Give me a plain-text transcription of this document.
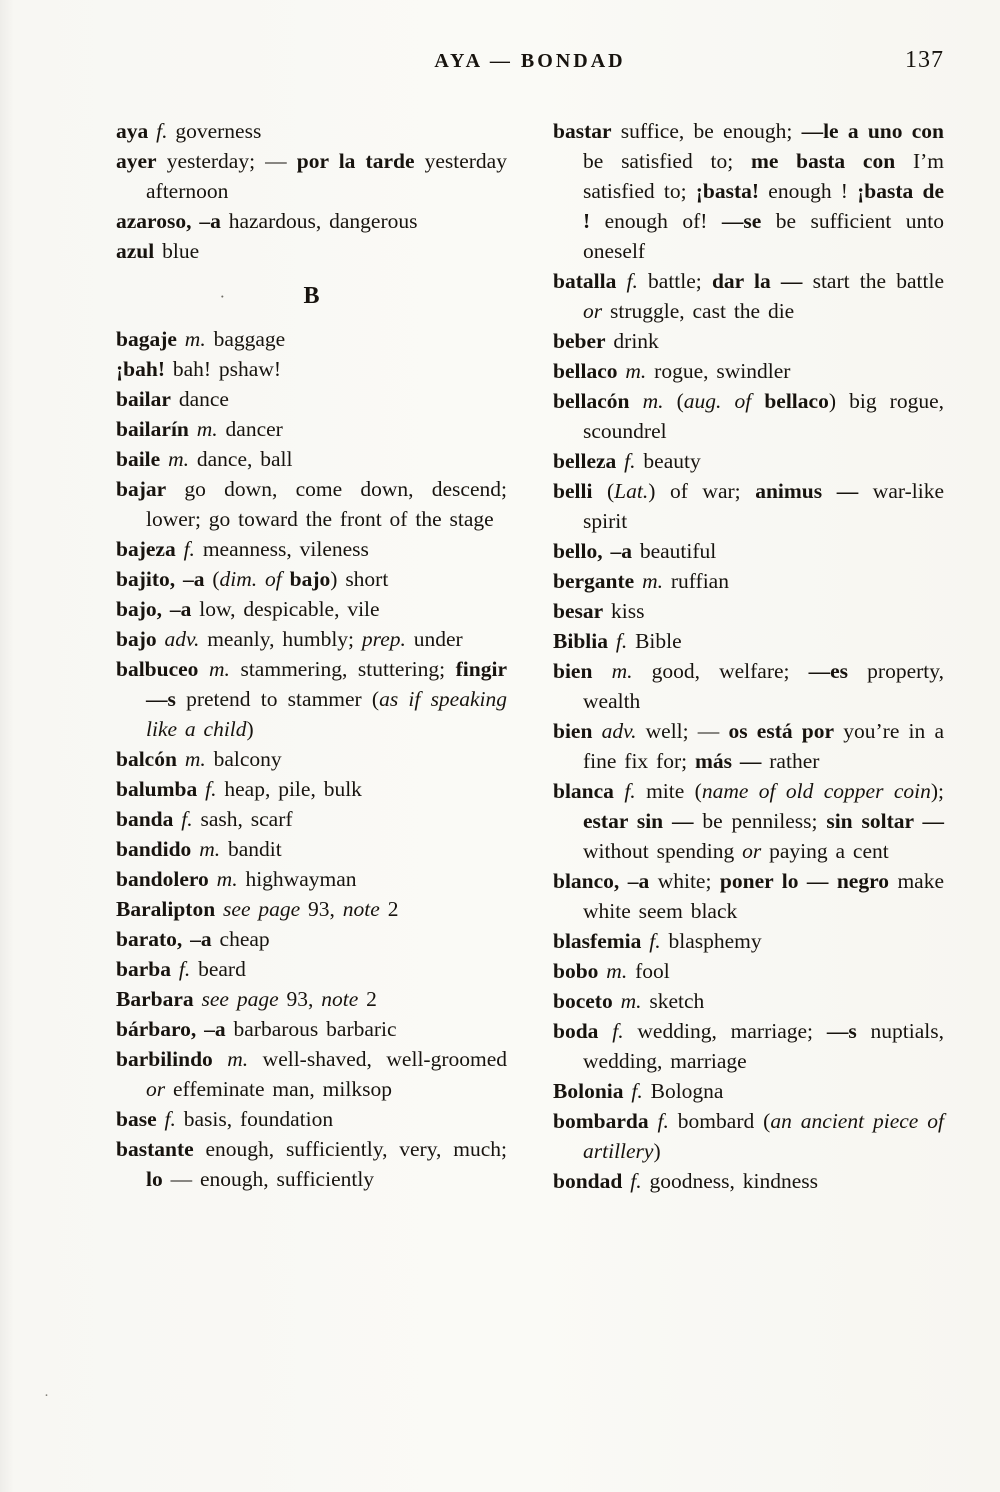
AYA — BONDAD	137

aya f. governess

ayer yesterday; — por la tarde yesterday afternoon

azaroso, –a hazardous, dangerous

azul blue

· B

bagaje m. baggage

¡bah! bah! pshaw!

bailar dance

bailarín m. dancer

baile m. dance, ball

bajar go down, come down, descend; lower; go toward the front of the stage

bajeza f. meanness, vileness

bajito, –a (dim. of bajo) short

bajo, –a low, despicable, vile

bajo adv. meanly, humbly; prep. under

balbuceo m. stammering, stuttering; fingir —s pretend to stammer (as if speaking like a child)

balcón m. balcony

balumba f. heap, pile, bulk

banda f. sash, scarf

bandido m. bandit

bandolero m. highwayman

Baralipton see page 93, note 2

barato, –a cheap

barba f. beard

Barbara see page 93, note 2

bárbaro, –a barbarous barbaric

barbilindo m. well-shaved, well-groomed or effeminate man, milksop

base f. basis, foundation

bastante enough, sufficiently, very, much; lo — enough, sufficiently

bastar suffice, be enough; —le a uno con be satisfied to; me basta con I’m satisfied to; ¡basta! enough ! ¡basta de ! enough of! —se be sufficient unto oneself

batalla f. battle; dar la — start the battle or struggle, cast the die

beber drink

bellaco m. rogue, swindler

bellacón m. (aug. of bellaco) big rogue, scoundrel

belleza f. beauty

belli (Lat.) of war; animus — war-like spirit

bello, –a beautiful

bergante m. ruffian

besar kiss

Biblia f. Bible

bien m. good, welfare; —es property, wealth

bien adv. well; — os está por you’re in a fine fix for; más — rather

blanca f. mite (name of old copper coin); estar sin — be penniless; sin soltar — without spending or paying a cent

blanco, –a white; poner lo — negro make white seem black

blasfemia f. blasphemy

bobo m. fool

boceto m. sketch

boda f. wedding, marriage; —s nuptials, wedding, marriage

Bolonia f. Bologna

bombarda f. bombard (an ancient piece of artillery)

bondad f. goodness, kindness

·
